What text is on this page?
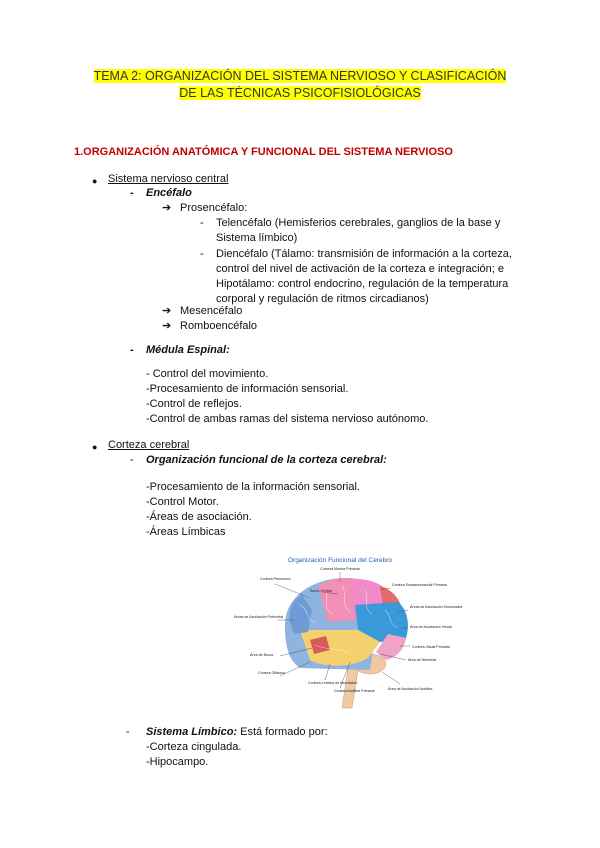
TEMA 2: ORGANIZACIÓN DEL SISTEMA NERVIOSO Y CLASIFICACIÓN
DE LAS TÉCNICAS PSICOFISIOLÓGICAS
1.ORGANIZACIÓN ANATÓMICA Y FUNCIONAL DEL SISTEMA NERVIOSO
● Sistema nervioso central
- Encéfalo
➔ Prosencéfalo:
- Telencéfalo (Hemisferios cerebrales, ganglios de la base y
Sistema límbico)
- Diencéfalo (Tálamo: transmisión de información a la corteza,
control del nivel de activación de la corteza e integración; e
Hipotálamo: control endocrino, regulación de la temperatura
corporal y regulación de ritmos circadianos)
➔ Mesencéfalo
➔ Romboencéfalo
- Médula Espinal:
- Control del movimiento.
-Procesamiento de información sensorial.
-Control de reflejos.
-Control de ambas ramas del sistema nervioso autónomo.
● Corteza cerebral
- Organización funcional de la corteza cerebral:
-Procesamiento de la información sensorial.
-Control Motor.
-Áreas de asociación.
-Áreas Límbicas
Organización Funcional del Cerebro
Corteza Motora Primaria
Corteza Premotora
Surco Central
Corteza Somatosensorial Primaria
Áreas de Asociación Prefrontal
Áreas de Asociación Sensoriales
Área de Asociación Visual
Corteza Visual Primaria
Área de Broca
Área de Wernicke
Corteza Olfatoria
Corteza Límbica de Asociación
Corteza Auditiva Primaria	Área de Asociación Auditiva
- Sistema Límbico: Está formado por:
-Corteza cingulada.
-Hipocampo.
